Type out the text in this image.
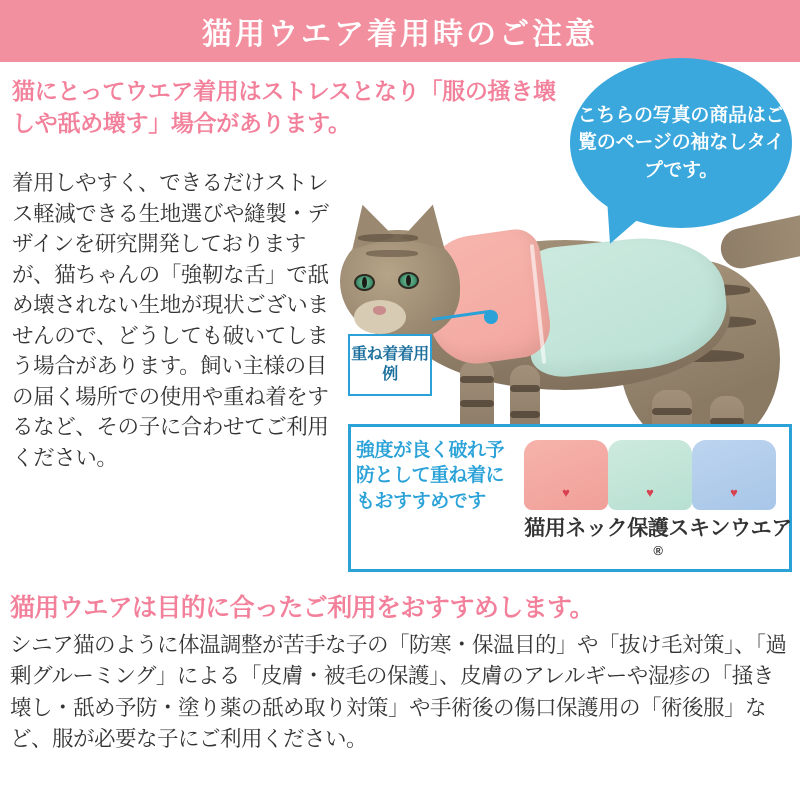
猫用ウエア着用時のご注意
猫にとってウエア着用はストレスとなり「服の掻き壊しや舐め壊す」場合があります。
着用しやすく、できるだけストレス軽減できる生地選びや縫製・デザインを研究開発しておりますが、猫ちゃんの「強靭な舌」で舐め壊されない生地が現状ございませんので、どうしても破いてしまう場合があります。飼い主様の目の届く場所での使用や重ね着をするなど、その子に合わせてご利用ください。
こちらの写真の商品はご覧のページの袖なしタイプです。
重ね着着用例
強度が良く破れ予防として重ね着にもおすすめです	♥	♥	♥
猫用ネック保護スキンウエア®
猫用ウエアは目的に合ったご利用をおすすめします。
シニア猫のように体温調整が苦手な子の「防寒・保温目的」や「抜け毛対策」、「過剰グルーミング」による「皮膚・被毛の保護」、皮膚のアレルギーや湿疹の「掻き壊し・舐め予防・塗り薬の舐め取り対策」や手術後の傷口保護用の「術後服」など、服が必要な子にご利用ください。
